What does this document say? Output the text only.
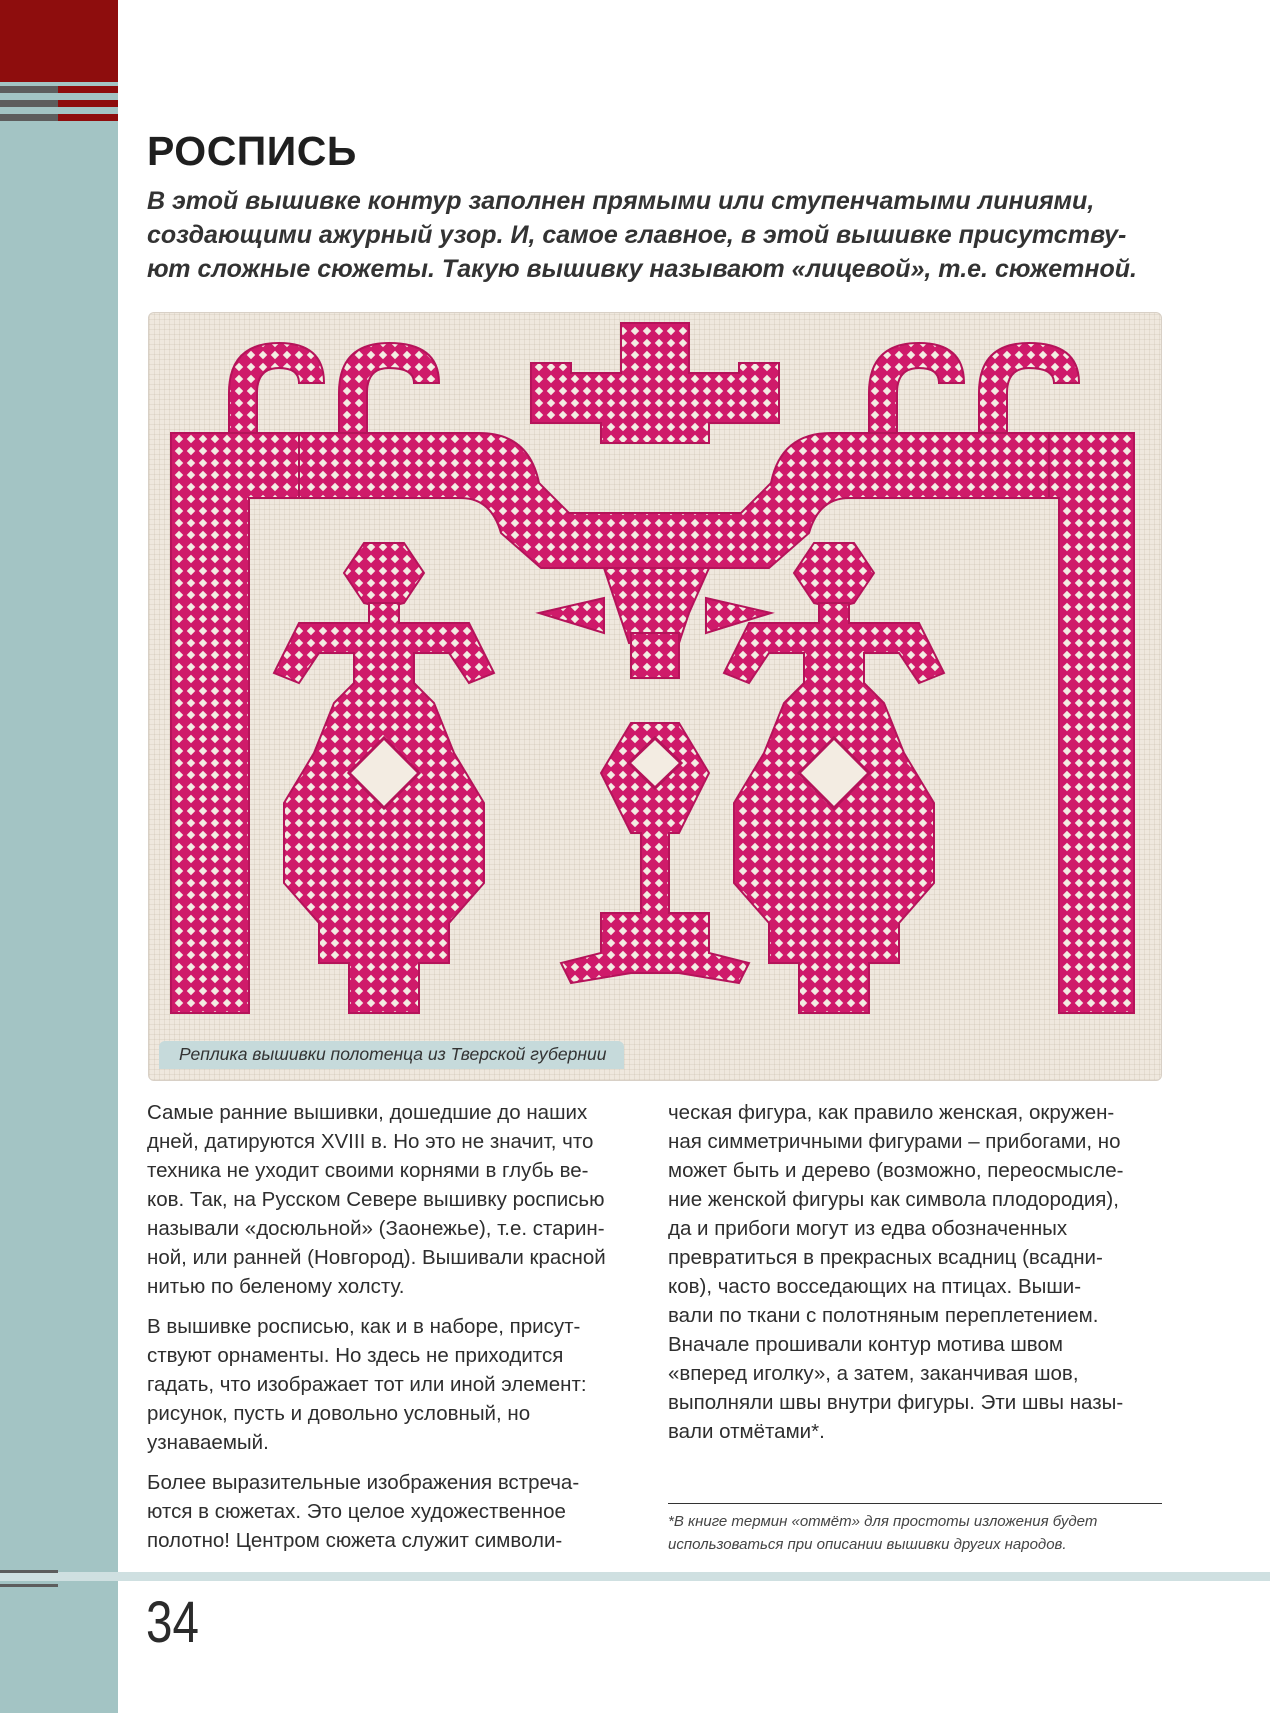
РОСПИСЬ
В этой вышивке контур заполнен прямыми или ступенчатыми линиями,
создающими ажурный узор. И, самое главное, в этой вышивке присутству-
ют сложные сюжеты. Такую вышивку называют «лицевой», т.е. сюжетной.
Реплика вышивки полотенца из Тверской губернии

Самые ранние вышивки, дошедшие до наших
дней, датируются XVIII в. Но это не значит, что
техника не уходит своими корнями в глубь ве-
ков. Так, на Русском Севере вышивку росписью
называли «досюльной» (Заонежье), т.е. старин-
ной, или ранней (Новгород). Вышивали красной
нитью по беленому холсту.

В вышивке росписью, как и в наборе, присут-
ствуют орнаменты. Но здесь не приходится
гадать, что изображает тот или иной элемент:
рисунок, пусть и довольно условный, но
узнаваемый.

Более выразительные изображения встреча-
ются в сюжетах. Это целое художественное
полотно! Центром сюжета служит символи-

ческая фигура, как правило женская, окружен-
ная симметричными фигурами – прибогами, но
может быть и дерево (возможно, переосмысле-
ние женской фигуры как символа плодородия),
да и прибоги могут из едва обозначенных
превратиться в прекрасных всадниц (всадни-
ков), часто восседающих на птицах. Выши-
вали по ткани с полотняным переплетением.
Вначале прошивали контур мотива швом
«вперед иголку», а затем, заканчивая шов,
выполняли швы внутри фигуры. Эти швы назы-
вали отмётами*.

*В книге термин «отмёт» для простоты изложения будет
использоваться при описании вышивки других народов.
34
